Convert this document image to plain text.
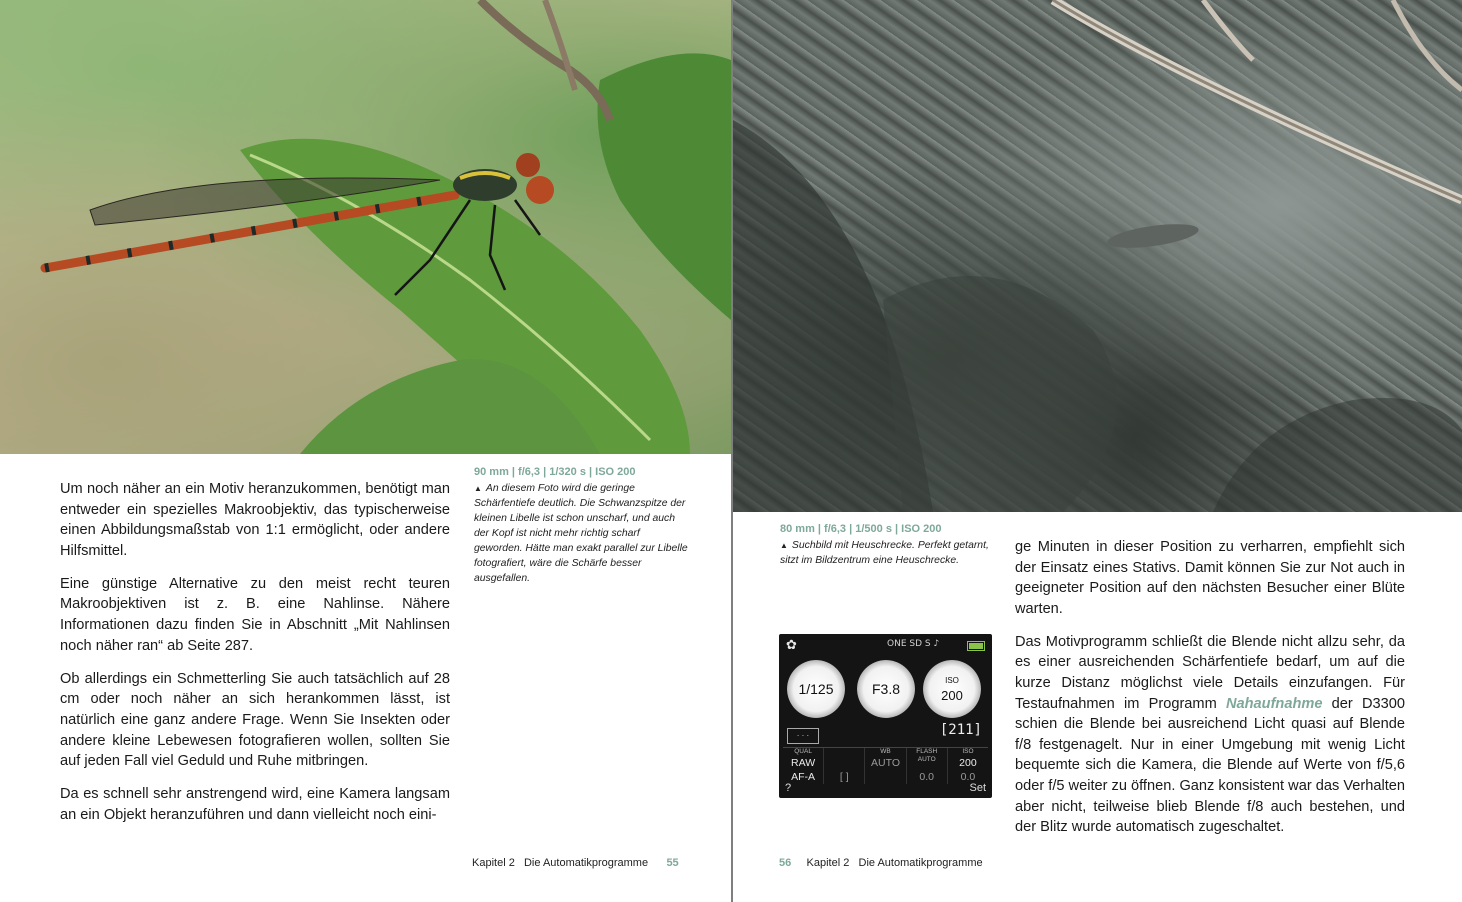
90 mm | f/6,3 | 1/320 s | ISO 200
▲ An diesem Foto wird die geringe Schärfentiefe deutlich. Die Schwanzspitze der kleinen Libelle ist schon unscharf, und auch der Kopf ist nicht mehr richtig scharf geworden. Hätte man exakt parallel zur Libelle fotografiert, wäre die Schärfe besser ausgefallen.

Um noch näher an ein Motiv heranzukommen, benötigt man entweder ein spezielles Makroobjektiv, das typischerweise einen Abbildungsmaßstab von 1:1 ermöglicht, oder andere Hilfsmittel.

Eine günstige Alternative zu den meist recht teuren Makroobjektiven ist z. B. eine Nahlinse. Nähere Informationen dazu finden Sie in Abschnitt „Mit Nahlinsen noch näher ran“ ab Seite 287.

Ob allerdings ein Schmetterling Sie auch tatsächlich auf 28 cm oder noch näher an sich herankommen lässt, ist natürlich eine ganz andere Frage. Wenn Sie Insekten oder andere kleine Lebewesen fotografieren wollen, sollten Sie auf jeden Fall viel Geduld und Ruhe mitbringen.

Da es schnell sehr anstrengend wird, eine Kamera langsam an ein Objekt heranzuführen und dann vielleicht noch eini-

Kapitel 2 Die Automatikprogramme 55
80 mm | f/6,3 | 1/500 s | ISO 200
▲ Suchbild mit Heuschrecke. Perfekt getarnt, sitzt im Bildzentrum eine Heuschrecke.
✿	ONE SD S ♪
1/125	F3.8
ISO
200
· · ·	[211]
QUAL	WB	FLASH	ISO
RAW	AUTO	AUTO	200
AF-A	[ ]	0.0	0.0
?	Set

ge Minuten in dieser Position zu verharren, empfiehlt sich der Einsatz eines Stativs. Damit können Sie zur Not auch in geeigneter Position auf den nächsten Besucher einer Blüte warten.

Das Motivprogramm schließt die Blende nicht allzu sehr, da es einer ausreichenden Schärfentiefe bedarf, um auf die kurze Distanz möglichst viele Details einzufangen. Für Testaufnahmen im Programm Nahaufnahme der D3300 schien die Blende bei ausreichend Licht quasi auf Blende f/8 festgenagelt. Nur in einer Umgebung mit wenig Licht bequemte sich die Kamera, die Blende auf Werte von f/5,6 oder f/5 weiter zu öffnen. Ganz konsistent war das Verhalten aber nicht, teilweise blieb Blende f/8 auch bestehen, und der Blitz wurde automatisch zugeschaltet.

56 Kapitel 2 Die Automatikprogramme
